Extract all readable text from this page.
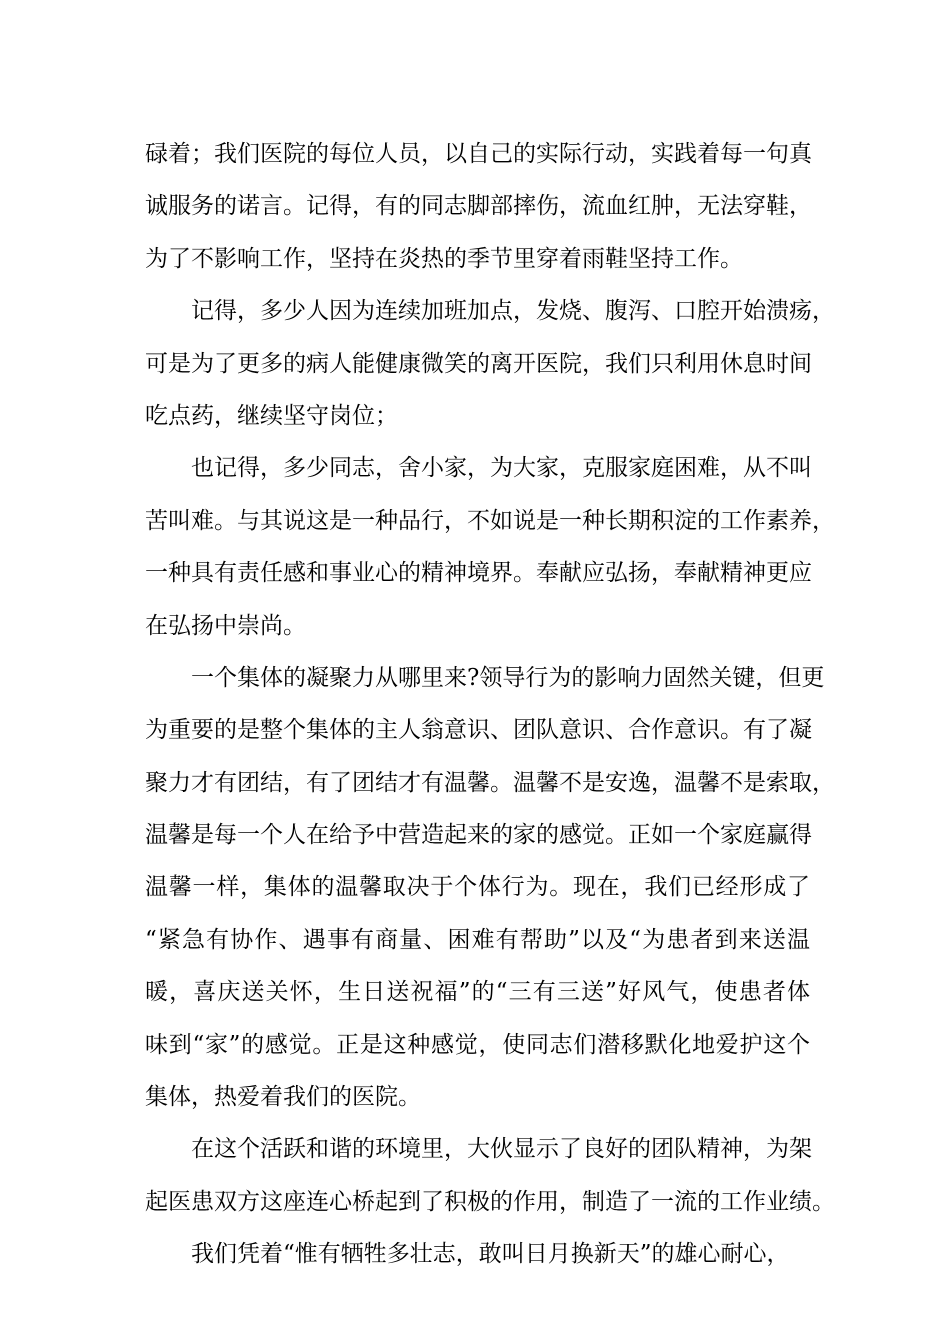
碌着；我们医院的每位人员，以自己的实际行动，实践着每一句真
诚服务的诺言。记得，有的同志脚部摔伤，流血红肿，无法穿鞋，
为了不影响工作，坚持在炎热的季节里穿着雨鞋坚持工作。
记得，多少人因为连续加班加点，发烧、腹泻、口腔开始溃疡，
可是为了更多的病人能健康微笑的离开医院，我们只利用休息时间
吃点药，继续坚守岗位；
也记得，多少同志，舍小家，为大家，克服家庭困难，从不叫
苦叫难。与其说这是一种品行，不如说是一种长期积淀的工作素养，
一种具有责任感和事业心的精神境界。奉献应弘扬，奉献精神更应
在弘扬中崇尚。
一个集体的凝聚力从哪里来?领导行为的影响力固然关键，但更
为重要的是整个集体的主人翁意识、团队意识、合作意识。有了凝
聚力才有团结，有了团结才有温馨。温馨不是安逸，温馨不是索取，
温馨是每一个人在给予中营造起来的家的感觉。正如一个家庭赢得
温馨一样，集体的温馨取决于个体行为。现在，我们已经形成了
“紧急有协作、遇事有商量、困难有帮助”以及“为患者到来送温
暖，喜庆送关怀，生日送祝福”的“三有三送”好风气，使患者体
味到“家”的感觉。正是这种感觉，使同志们潜移默化地爱护这个
集体，热爱着我们的医院。
在这个活跃和谐的环境里，大伙显示了良好的团队精神，为架
起医患双方这座连心桥起到了积极的作用，制造了一流的工作业绩。
我们凭着“惟有牺牲多壮志，敢叫日月换新天”的雄心耐心，
